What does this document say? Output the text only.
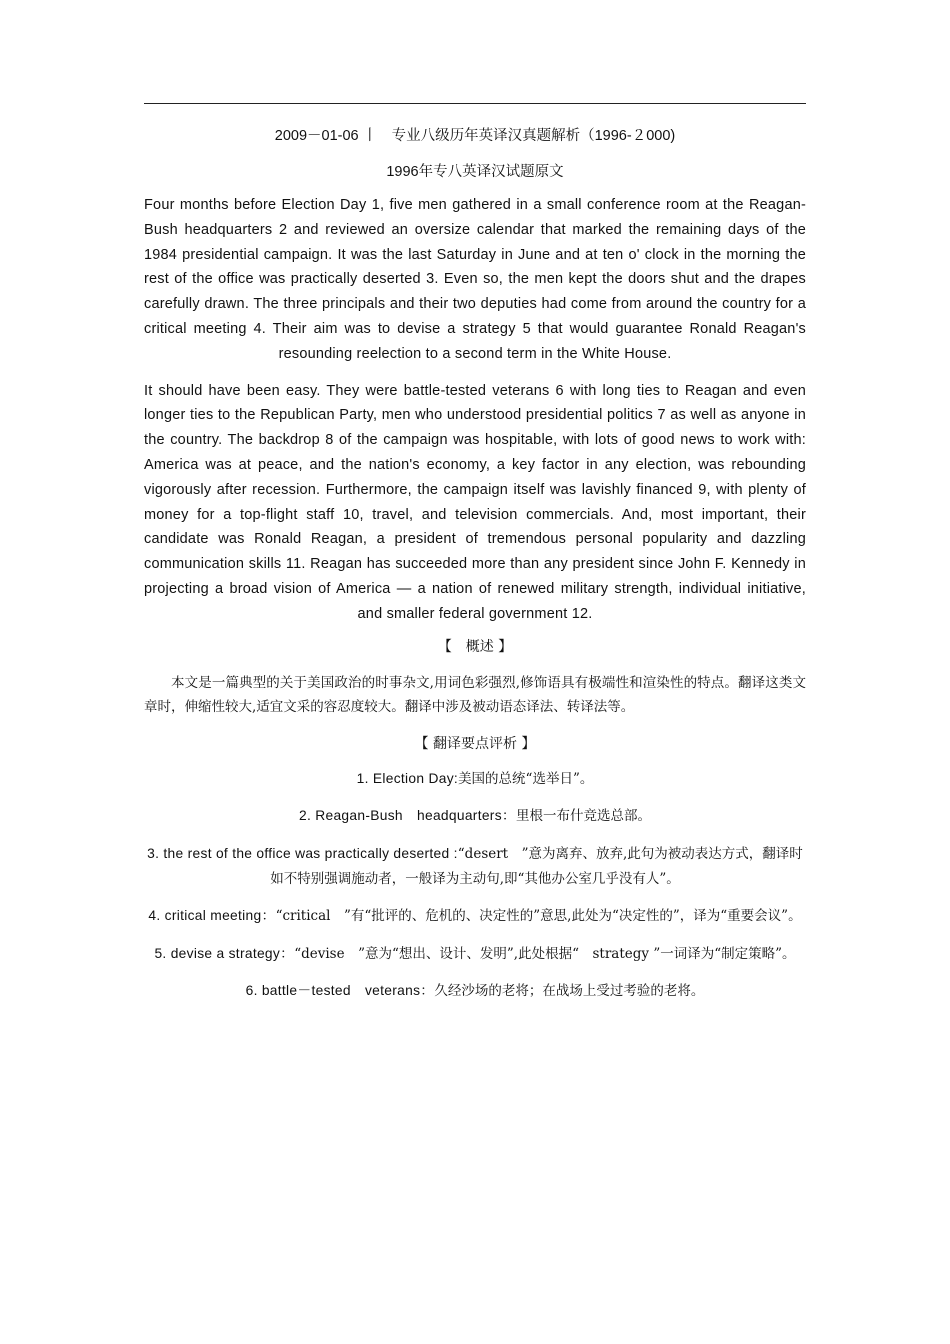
2009－01-06 丨　专业八级历年英译汉真题解析（1996-２000)

1996年专八英译汉试题原文

Four months before Election Day 1, five men gathered in a small conference room at the Reagan-Bush headquarters 2 and reviewed an oversize calendar that marked the remaining days of the 1984 presidential campaign. It was the last Saturday in June and at ten o' clock in the morning the rest of the office was practically deserted 3. Even so, the men kept the doors shut and the drapes carefully drawn. The three principals and their two deputies had come from around the country for a critical meeting 4. Their aim was to devise a strategy 5 that would guarantee Ronald Reagan's resounding reelection to a second term in the White House.

It should have been easy. They were battle-tested veterans 6 with long ties to Reagan and even longer ties to the Republican Party, men who understood presidential politics 7 as well as anyone in the country. The backdrop 8 of the campaign was hospitable, with lots of good news to work with: America was at peace, and the nation's economy, a key factor in any election, was rebounding vigorously after recession. Furthermore, the campaign itself was lavishly financed 9, with plenty of money for a top-flight staff 10, travel, and television commercials. And, most important, their candidate was Ronald Reagan, a president of tremendous personal popularity and dazzling communication skills 11. Reagan has succeeded more than any president since John F. Kennedy in projecting a broad vision of America — a nation of renewed military strength, individual initiative, and smaller federal government 12.

【　概述 】

本文是一篇典型的关于美国政治的时事杂文,用词色彩强烈,修饰语具有极端性和渲染性的特点。翻译这类文章时，伸缩性较大,适宜文采的容忍度较大。翻译中涉及被动语态译法、转译法等。

【 翻译要点评析 】

1. Election Day:美国的总统“选举日”。

2. Reagan-Bush　headquarters：里根一布什竞选总部。

3. the rest of the office was practically deserted :“desert　”意为离弃、放弃,此句为被动表达方式，翻译时如不特别强调施动者，一般译为主动句,即“其他办公室几乎没有人”。

4. critical meeting：“critical　”有“批评的、危机的、决定性的”意思,此处为“决定性的”，译为“重要会议”。

5. devise a strategy：“devise　”意为“想出、设计、发明”,此处根据“　strategy ”一词译为“制定策略”。

6. battle－tested　veterans：久经沙场的老将；在战场上受过考验的老将。
